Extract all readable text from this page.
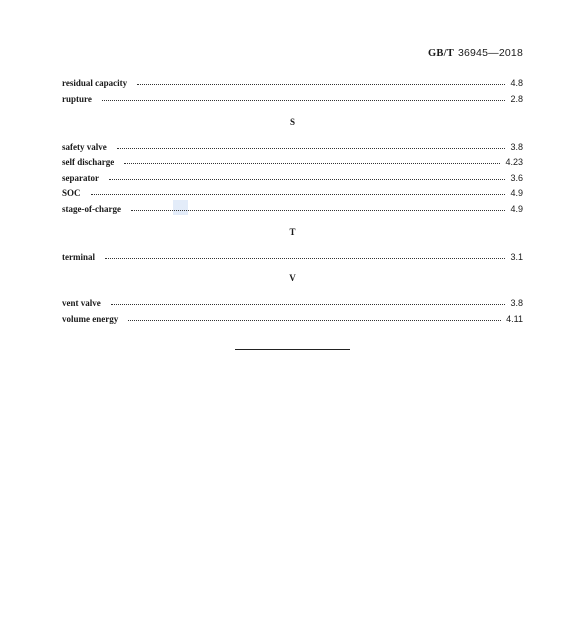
GB/T 36945—2018
residual capacity	4.8
rupture	2.8
S
safety valve	3.8
self discharge	4.23
separator	3.6
SOC	4.9
stage-of-charge	4.9
T
terminal	3.1
V
vent valve	3.8
volume energy	4.11
